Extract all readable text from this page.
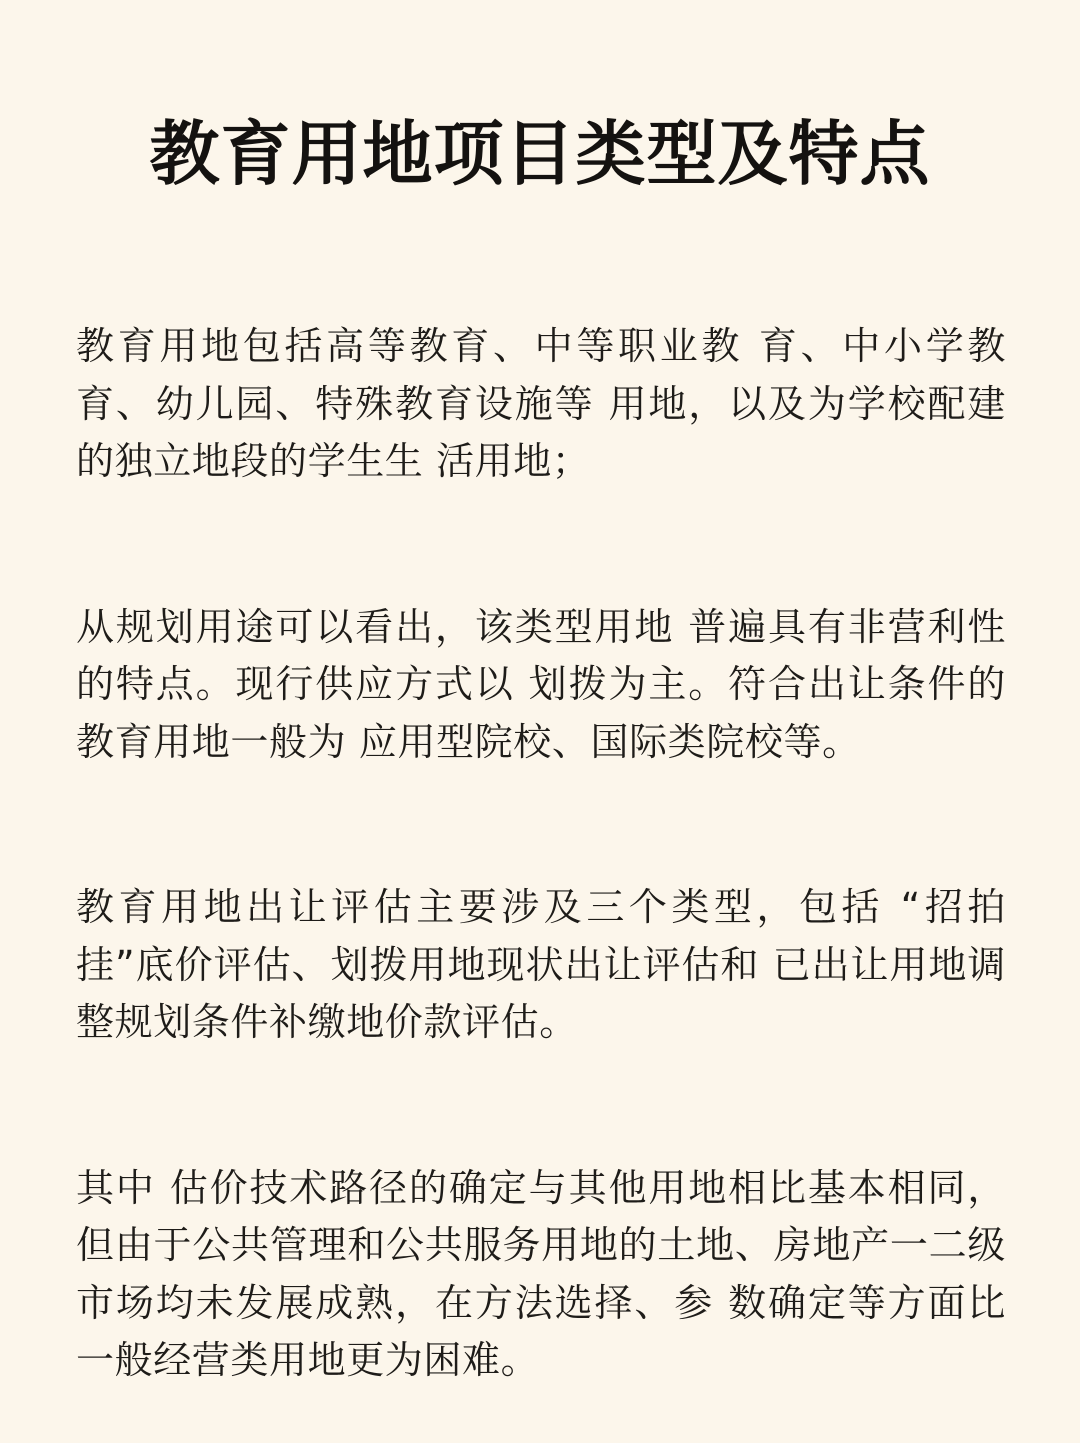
教育用地项目类型及特点

教育用地包括高等教育、中等职业教 育、中小学教育、幼儿园、特殊教育设施等 用地，以及为学校配建的独立地段的学生生 活用地；

从规划用途可以看出，该类型用地 普遍具有非营利性的特点。现行供应方式以 划拨为主。符合出让条件的教育用地一般为 应用型院校、国际类院校等。

教育用地出让评估主要涉及三个类型，包括 “招拍挂”底价评估、划拨用地现状出让评估和 已出让用地调整规划条件补缴地价款评估。

其中 估价技术路径的确定与其他用地相比基本相同， 但由于公共管理和公共服务用地的土地、房地产一二级市场均未发展成熟，在方法选择、参 数确定等方面比一般经营类用地更为困难。
